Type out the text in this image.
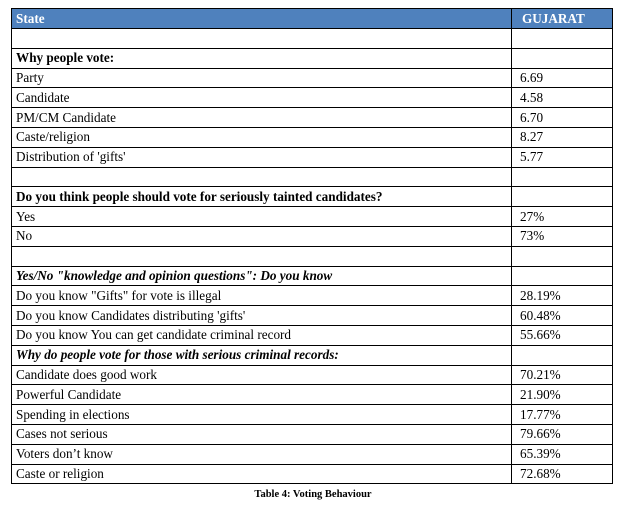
State	GUJARAT

Why people vote:	
Party	6.69
Candidate	4.58
PM/CM Candidate	6.70
Caste/religion	8.27
Distribution of 'gifts'	5.77

Do you think people should vote for seriously tainted candidates?	
Yes	27%
No	73%

Yes/No "knowledge and opinion questions": Do you know	
Do you know "Gifts" for vote is illegal	28.19%
Do you know Candidates distributing 'gifts'	60.48%
Do you know You can get candidate criminal record	55.66%
Why do people vote for those with serious criminal records:	
Candidate does good work	70.21%
Powerful Candidate	21.90%
Spending in elections	17.77%
Cases not serious	79.66%
Voters don’t know	65.39%
Caste or religion	72.68%
Table 4: Voting Behaviour
